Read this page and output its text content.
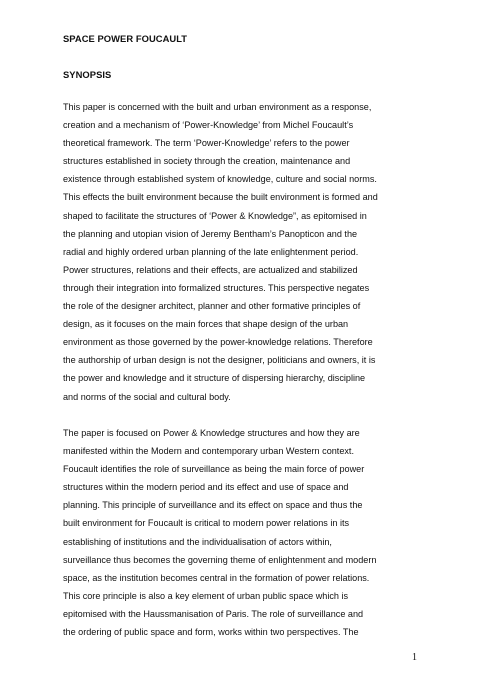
SPACE POWER FOUCAULT
SYNOPSIS

This paper is concerned with the built and urban environment as a response,
creation and a mechanism of ‘Power-Knowledge’ from Michel Foucault’s
theoretical framework. The term ‘Power-Knowledge’ refers to the power
structures established in society through the creation, maintenance and
existence through established system of knowledge, culture and social norms.
This effects the built environment because the built environment is formed and
shaped to facilitate the structures of ‘Power & Knowledge”, as epitomised in
the planning and utopian vision of Jeremy Bentham’s Panopticon and the
radial and highly ordered urban planning of the late enlightenment period.
Power structures, relations and their effects, are actualized and stabilized
through their integration into formalized structures. This perspective negates
the role of the designer architect, planner and other formative principles of
design, as it focuses on the main forces that shape design of the urban
environment as those governed by the power-knowledge relations. Therefore
the authorship of urban design is not the designer, politicians and owners, it is
the power and knowledge and it structure of dispersing hierarchy, discipline
and norms of the social and cultural body.

The paper is focused on Power & Knowledge structures and how they are
manifested within the Modern and contemporary urban Western context.
Foucault identifies the role of surveillance as being the main force of power
structures within the modern period and its effect and use of space and
planning. This principle of surveillance and its effect on space and thus the
built environment for Foucault is critical to modern power relations in its
establishing of institutions and the individualisation of actors within,
surveillance thus becomes the governing theme of enlightenment and modern
space, as the institution becomes central in the formation of power relations.
This core principle is also a key element of urban public space which is
epitomised with the Haussmanisation of Paris. The role of surveillance and
the ordering of public space and form, works within two perspectives. The

1
